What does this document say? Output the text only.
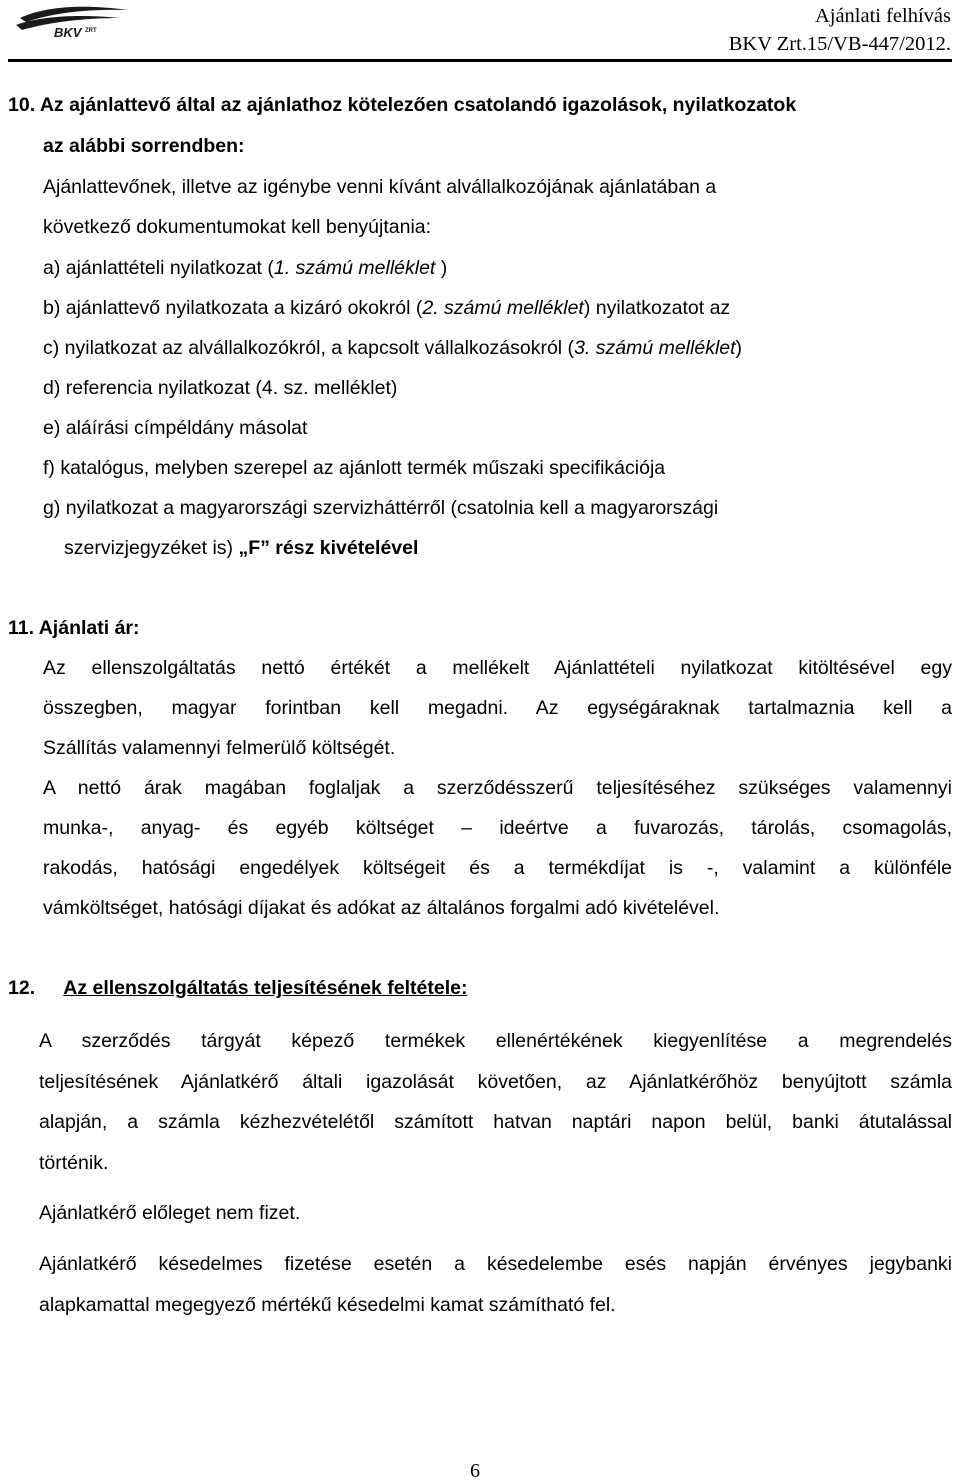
BKV ZRT
Ajánlati felhívás
BKV Zrt.15/VB-447/2012.
10. Az ajánlattevő által az ajánlathoz kötelezően csatolandó igazolások, nyilatkozatok
az alábbi sorrendben:
Ajánlattevőnek, illetve az igénybe venni kívánt alvállalkozójának ajánlatában a
következő dokumentumokat kell benyújtania:
a) ajánlattételi nyilatkozat (1. számú melléklet )
b) ajánlattevő nyilatkozata a kizáró okokról (2. számú melléklet) nyilatkozatot az
c) nyilatkozat az alvállalkozókról, a kapcsolt vállalkozásokról (3. számú melléklet)
d) referencia nyilatkozat (4. sz. melléklet)
e) aláírási címpéldány másolat
f) katalógus, melyben szerepel az ajánlott termék műszaki specifikációja
g) nyilatkozat a magyarországi szervizháttérről (csatolnia kell a magyarországi
szervizjegyzéket is) „F” rész kivételével
11. Ajánlati ár:
Az ellenszolgáltatás nettó értékét a mellékelt Ajánlattételi nyilatkozat kitöltésével egy
összegben, magyar forintban kell megadni. Az egységáraknak tartalmaznia kell a
Szállítás valamennyi felmerülő költségét.
A nettó árak magában foglaljak a szerződésszerű teljesítéséhez szükséges valamennyi
munka-, anyag- és egyéb költséget – ideértve a fuvarozás, tárolás, csomagolás,
rakodás, hatósági engedélyek költségeit és a termékdíjat is -, valamint a különféle
vámköltséget, hatósági díjakat és adókat az általános forgalmi adó kivételével.
12. Az ellenszolgáltatás teljesítésének feltétele:
A szerződés tárgyát képező termékek ellenértékének kiegyenlítése a megrendelés
teljesítésének Ajánlatkérő általi igazolását követően, az Ajánlatkérőhöz benyújtott számla
alapján, a számla kézhezvételétől számított hatvan naptári napon belül, banki átutalással
történik.
Ajánlatkérő előleget nem fizet.
Ajánlatkérő késedelmes fizetése esetén a késedelembe esés napján érvényes jegybanki
alapkamattal megegyező mértékű késedelmi kamat számítható fel.
6
